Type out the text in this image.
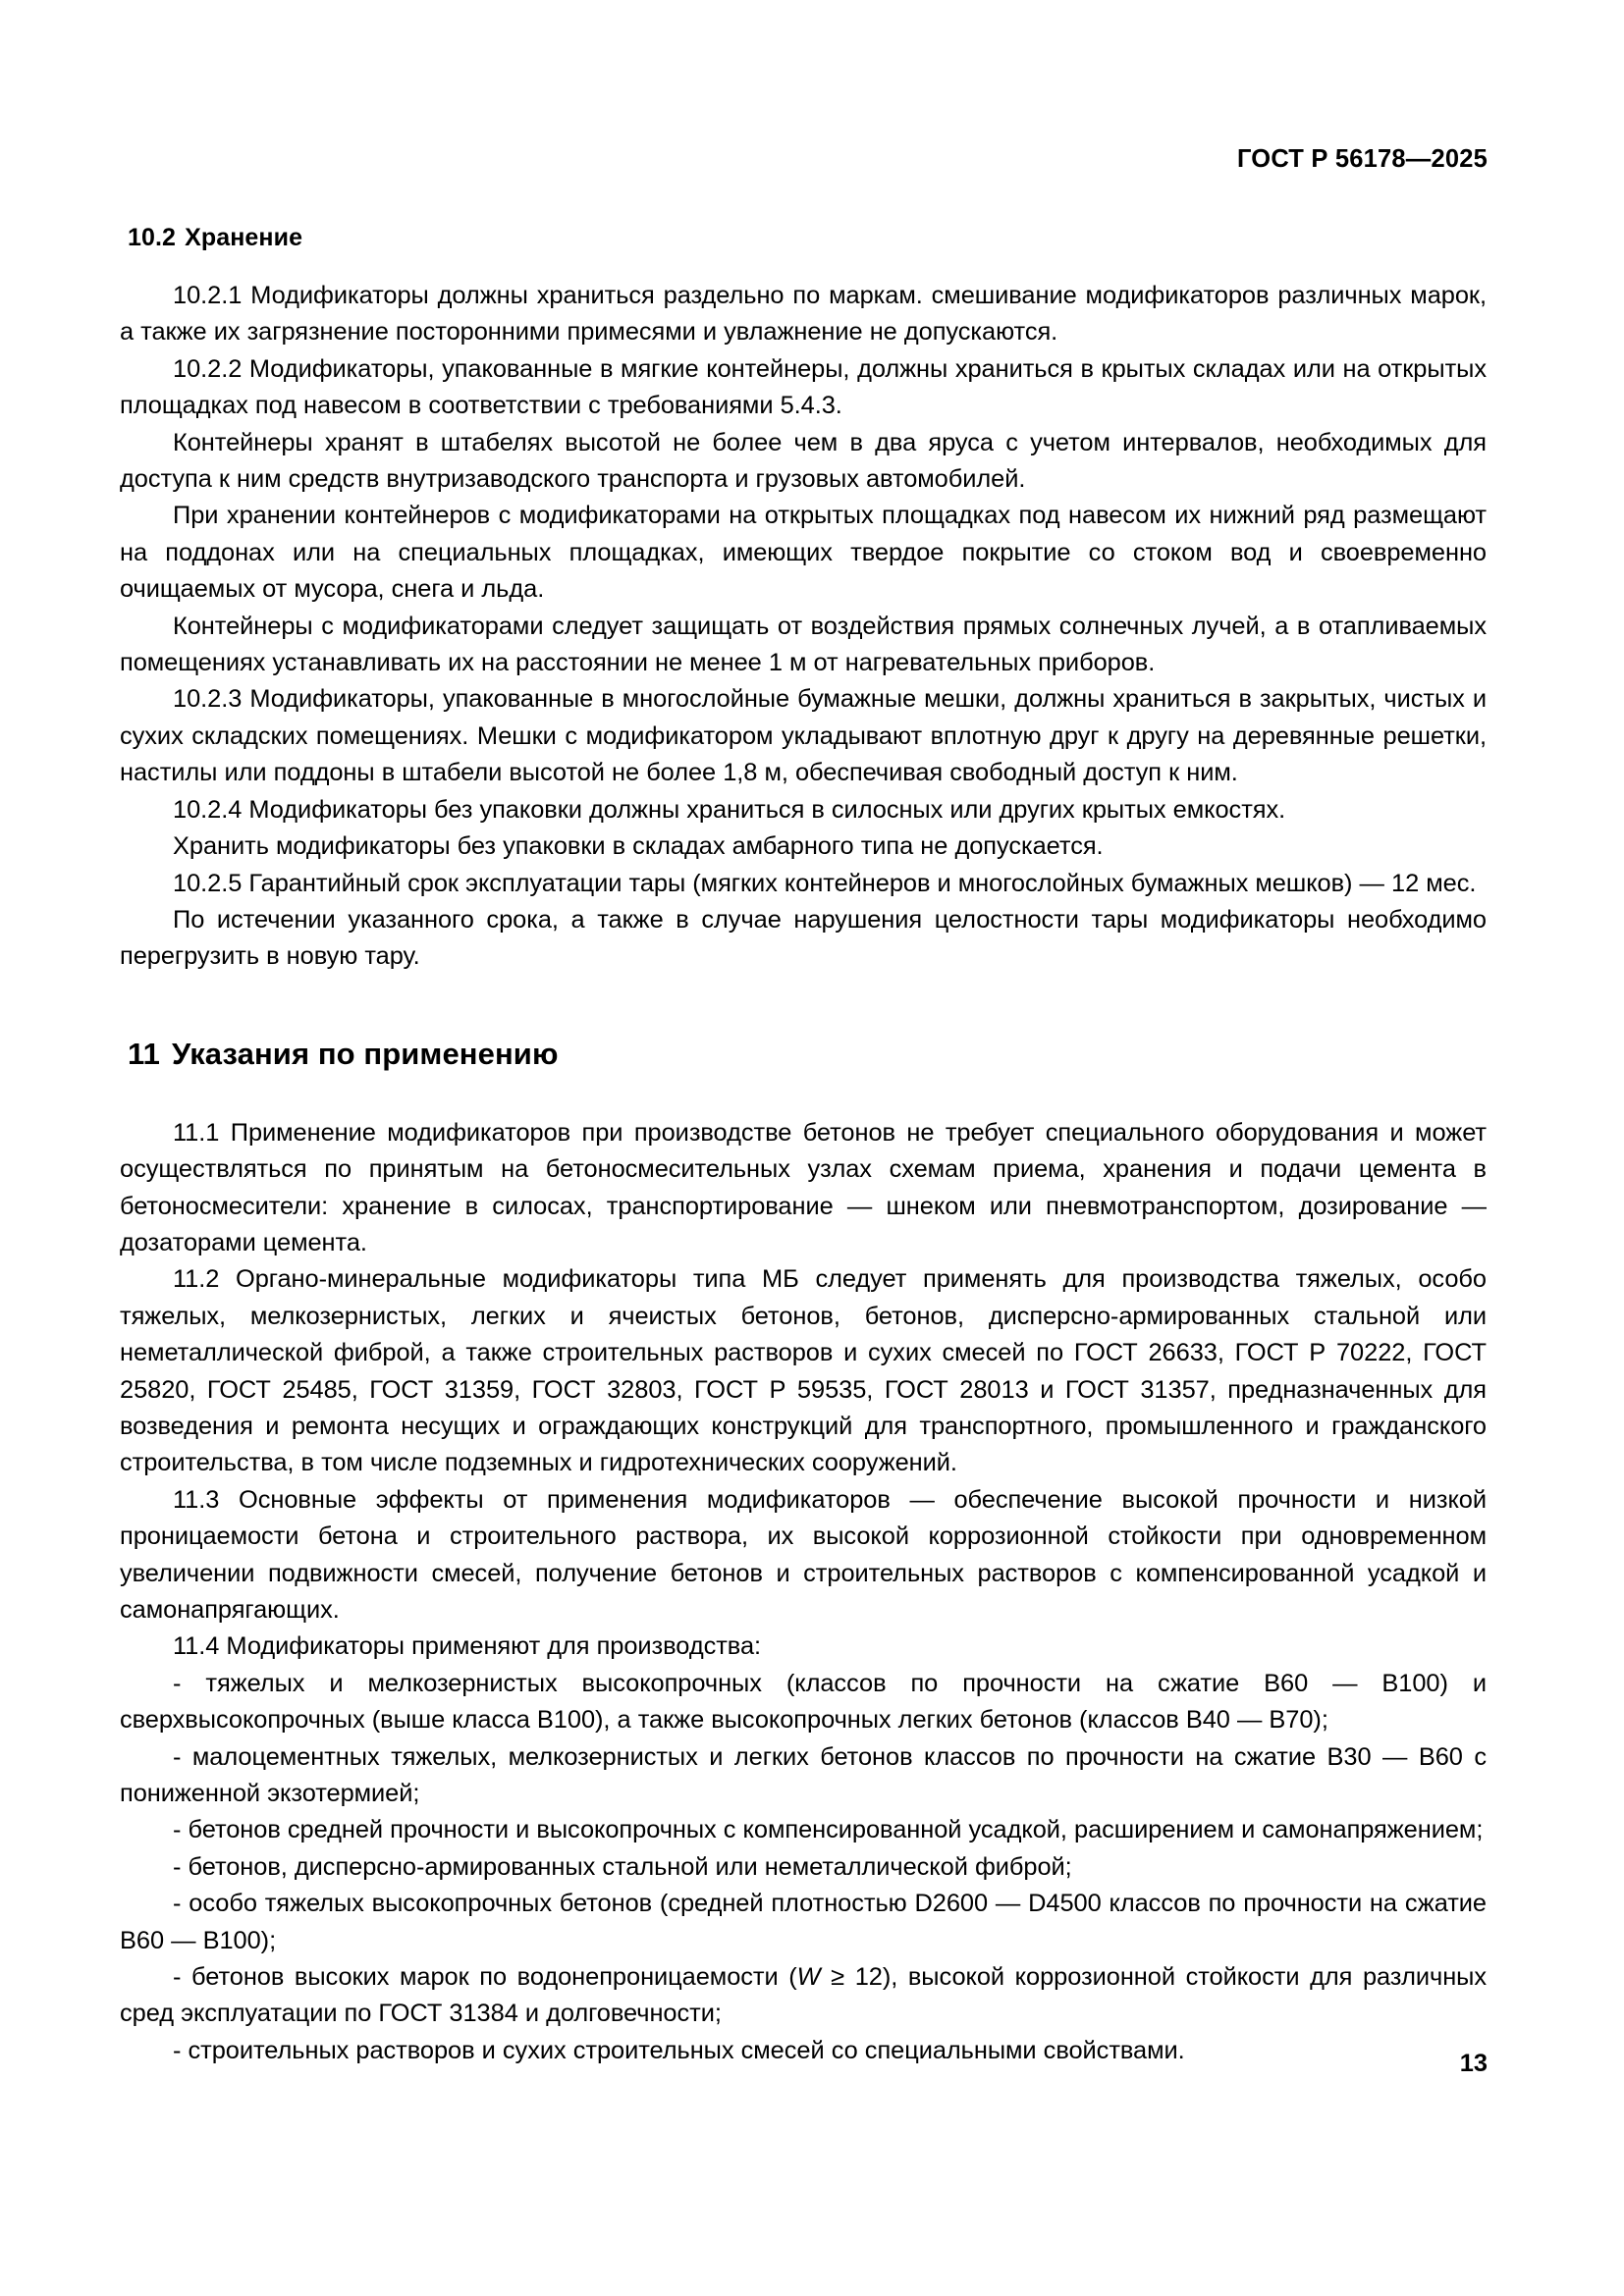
ГОСТ Р 56178—2025
10.2 Хранение

10.2.1 Модификаторы должны храниться раздельно по маркам. смешивание модификаторов различных марок, а также их загрязнение посторонними примесями и увлажнение не допускаются.

10.2.2 Модификаторы, упакованные в мягкие контейнеры, должны храниться в крытых складах или на открытых площадках под навесом в соответствии с требованиями 5.4.3.

Контейнеры хранят в штабелях высотой не более чем в два яруса с учетом интервалов, необходимых для доступа к ним средств внутризаводского транспорта и грузовых автомобилей.

При хранении контейнеров с модификаторами на открытых площадках под навесом их нижний ряд размещают на поддонах или на специальных площадках, имеющих твердое покрытие со стоком вод и своевременно очищаемых от мусора, снега и льда.

Контейнеры с модификаторами следует защищать от воздействия прямых солнечных лучей, а в отапливаемых помещениях устанавливать их на расстоянии не менее 1 м от нагревательных приборов.

10.2.3 Модификаторы, упакованные в многослойные бумажные мешки, должны храниться в закрытых, чистых и сухих складских помещениях. Мешки с модификатором укладывают вплотную друг к другу на деревянные решетки, настилы или поддоны в штабели высотой не более 1,8 м, обеспечивая свободный доступ к ним.

10.2.4 Модификаторы без упаковки должны храниться в силосных или других крытых емкостях.

Хранить модификаторы без упаковки в складах амбарного типа не допускается.

10.2.5 Гарантийный срок эксплуатации тары (мягких контейнеров и многослойных бумажных мешков) — 12 мес.

По истечении указанного срока, а также в случае нарушения целостности тары модификаторы необходимо перегрузить в новую тару.

11 Указания по применению

11.1 Применение модификаторов при производстве бетонов не требует специального оборудования и может осуществляться по принятым на бетоносмесительных узлах схемам приема, хранения и подачи цемента в бетоносмесители: хранение в силосах, транспортирование — шнеком или пневмотранспортом, дозирование — дозаторами цемента.

11.2 Органо-минеральные модификаторы типа МБ следует применять для производства тяжелых, особо тяжелых, мелкозернистых, легких и ячеистых бетонов, бетонов, дисперсно-армированных стальной или неметаллической фиброй, а также строительных растворов и сухих смесей по ГОСТ 26633, ГОСТ Р 70222, ГОСТ 25820, ГОСТ 25485, ГОСТ 31359, ГОСТ 32803, ГОСТ Р 59535, ГОСТ 28013 и ГОСТ 31357, предназначенных для возведения и ремонта несущих и ограждающих конструкций для транспортного, промышленного и гражданского строительства, в том числе подземных и гидротехнических сооружений.

11.3 Основные эффекты от применения модификаторов — обеспечение высокой прочности и низкой проницаемости бетона и строительного раствора, их высокой коррозионной стойкости при одновременном увеличении подвижности смесей, получение бетонов и строительных растворов с компенсированной усадкой и самонапрягающих.

11.4 Модификаторы применяют для производства:

- тяжелых и мелкозернистых высокопрочных (классов по прочности на сжатие В60 — В100) и сверхвысокопрочных (выше класса В100), а также высокопрочных легких бетонов (классов В40 — В70);

- малоцементных тяжелых, мелкозернистых и легких бетонов классов по прочности на сжатие В30 — В60 с пониженной экзотермией;

- бетонов средней прочности и высокопрочных с компенсированной усадкой, расширением и самонапряжением;

- бетонов, дисперсно-армированных стальной или неметаллической фиброй;

- особо тяжелых высокопрочных бетонов (средней плотностью D2600 — D4500 классов по прочности на сжатие В60 — В100);

- бетонов высоких марок по водонепроницаемости (W ≥ 12), высокой коррозионной стойкости для различных сред эксплуатации по ГОСТ 31384 и долговечности;

- строительных растворов и сухих строительных смесей со специальными свойствами.	13
